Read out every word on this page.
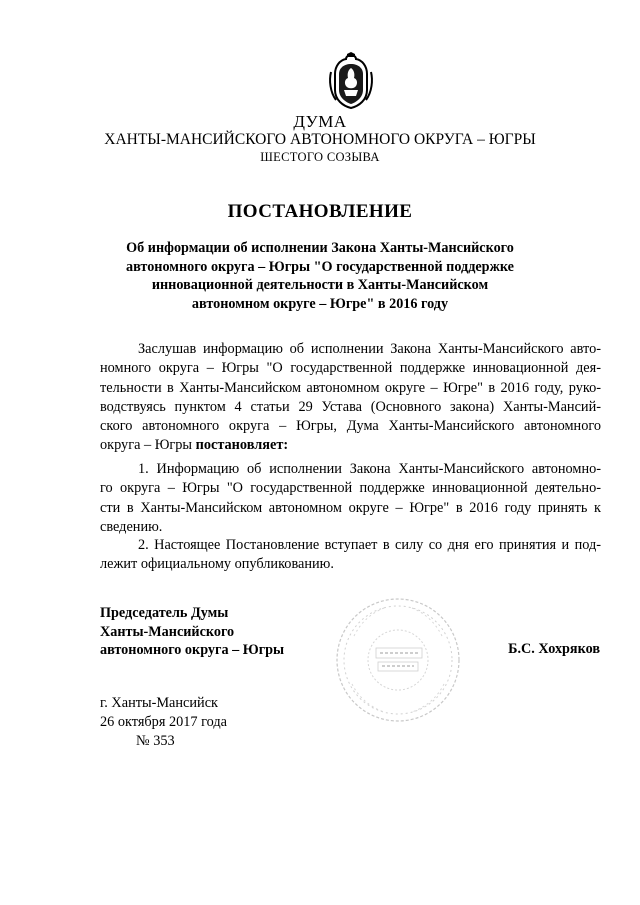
ДУМА
ХАНТЫ-МАНСИЙСКОГО АВТОНОМНОГО ОКРУГА – ЮГРЫ
ШЕСТОГО СОЗЫВА
ПОСТАНОВЛЕНИЕ
Об информации об исполнении Закона Ханты-Мансийского
автономного округа – Югры "О государственной поддержке
инновационной деятельности в Ханты-Мансийском
автономном округе – Югре" в 2016 году
Заслушав информацию об исполнении Закона Ханты-Мансийского авто-
номного округа – Югры "О государственной поддержке инновационной дея-
тельности в Ханты-Мансийском автономном округе – Югре" в 2016 году, руко-
водствуясь пунктом 4 статьи 29 Устава (Основного закона) Ханты-Мансий-
ского автономного округа – Югры, Дума Ханты-Мансийского автономного
округа – Югры постановляет:
1. Информацию об исполнении Закона Ханты-Мансийского автономно-
го округа – Югры "О государственной поддержке инновационной деятельно-
сти в Ханты-Мансийском автономном округе – Югре" в 2016 году принять к
сведению.
2. Настоящее Постановление вступает в силу со дня его принятия и под-
лежит официальному опубликованию.
Председатель Думы
Ханты-Мансийского
автономного округа – Югры	Б.С. Хохряков
г. Ханты-Мансийск
26 октября 2017 года
№ 353
